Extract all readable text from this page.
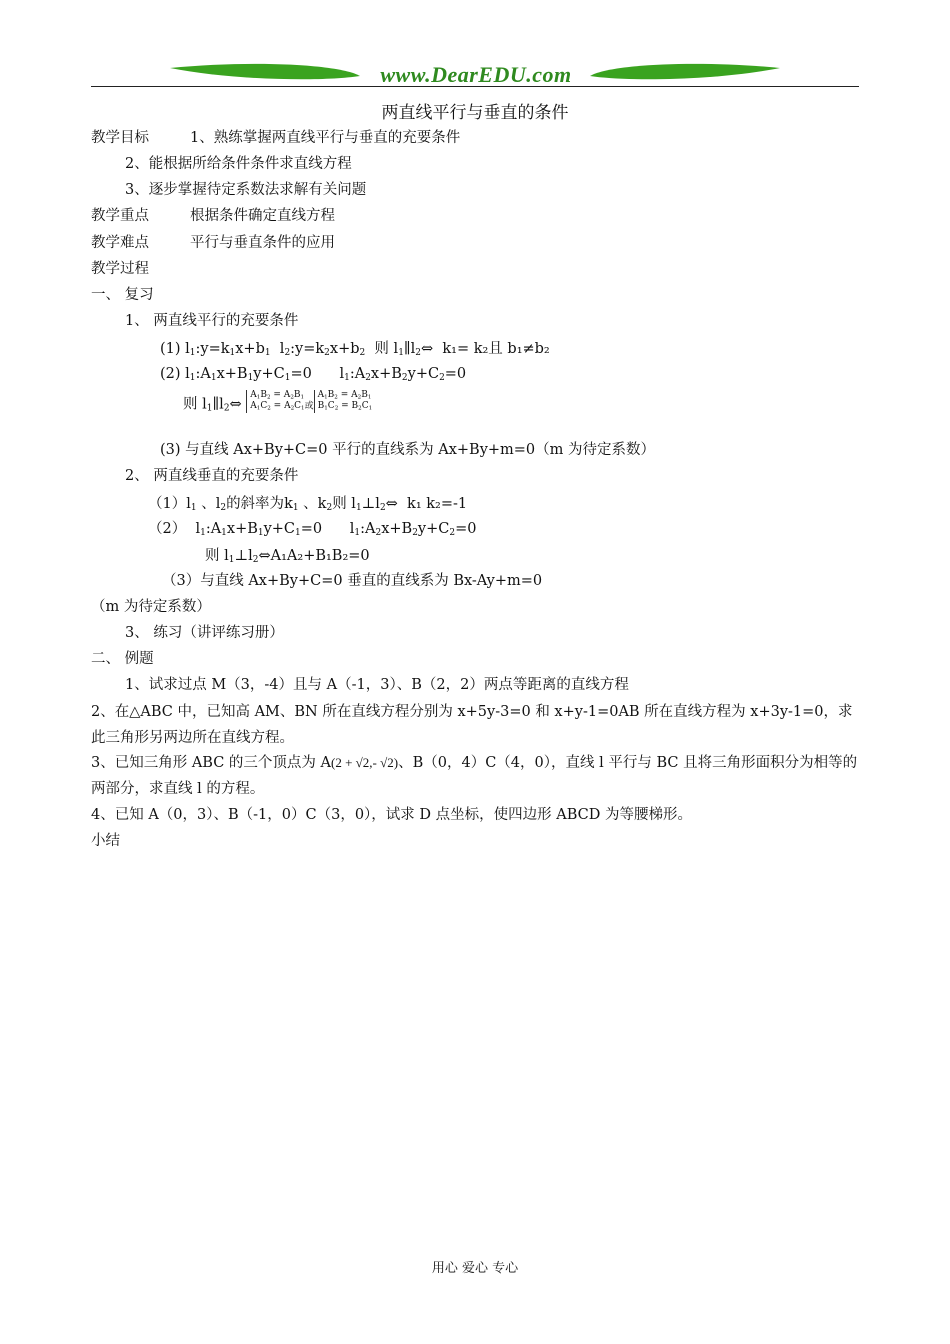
www.DearEDU.com
两直线平行与垂直的条件
教学目标	1、熟练掌握两直线平行与垂直的充要条件
2、能根据所给条件条件求直线方程
3、逐步掌握待定系数法求解有关问题
教学重点	根据条件确定直线方程
教学难点	平行与垂直条件的应用
教学过程
一、 复习
1、 两直线平行的充要条件
(1) $l_1:y=k_1x+b_1$  $l_2:y=k_2x+b_2$  则 $l_1\parallel l_2\Leftrightarrow$ k₁= k₂且 b₁≠b₂
(2) $l_1:A_1x+B_1y+C_1=0$      $l_1:A_2x+B_2y+C_2=0$
则 $l_1\parallel l_2\Leftrightarrow$ $A_1B_2 = A_2B_1$
$A_1C_2 = A_2C_1$或$A_1B_2 = A_2B_1$
$B_1C_2 = B_2C_1$
(3) 与直线 Ax+By+C=0 平行的直线系为 Ax+By+m=0（m 为待定系数）
2、 两直线垂直的充要条件
$(1)l_1$ 、$l_2$的斜率为$k_1$ 、$k_2$则 $l_1\perp l_2\Leftrightarrow$ k₁ k₂=-1
（2）  $l_1:A_1x+B_1y+C_1=0$      $l_1:A_2x+B_2y+C_2=0$
则 $l_1\perp l_2\Leftrightarrow A_1A_2+B_1B_2=0$
（3）与直线 Ax+By+C=0 垂直的直线系为 Bx-Ay+m=0
（m 为待定系数）
3、 练习（讲评练习册）
二、 例题
1、试求过点 M（3，-4）且与 A（-1，3）、B（2，2）两点等距离的直线方程
2、在△ABC 中，已知高 AM、BN 所在直线方程分别为 x+5y-3=0 和 x+y-1=0AB 所在直线方程为 x+3y-1=0，求此三角形另两边所在直线方程。
3、已知三角形 ABC 的三个顶点为 A(2 + √2,- √2)、B（0，4）C（4，0），直线 l 平行与 BC 且将三角形面积分为相等的两部分，求直线 l 的方程。
4、已知 A（0，3）、B（-1，0）C（3，0），试求 D 点坐标，使四边形 ABCD 为等腰梯形。
小结
用心 爱心 专心
